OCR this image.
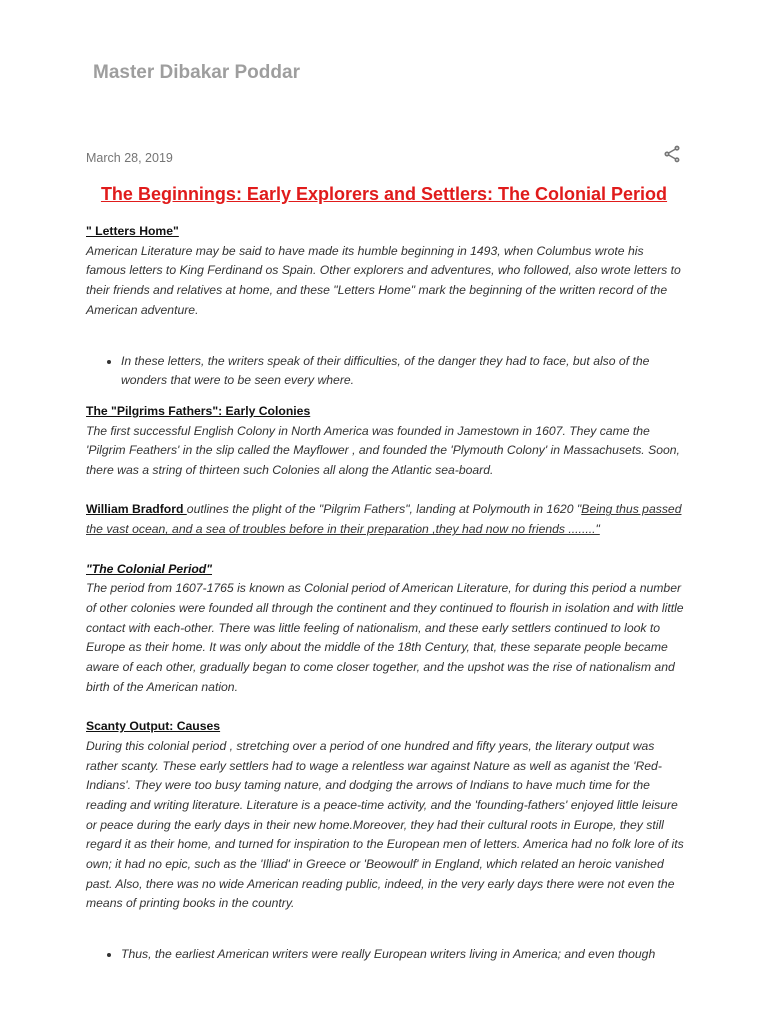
Master Dibakar Poddar
March 28, 2019
The Beginnings: Early Explorers and Settlers: The Colonial Period

" Letters Home"

American Literature may be said to have made its humble beginning in 1493, when Columbus wrote his famous letters to King Ferdinand os Spain. Other explorers and adventures, who followed, also wrote letters to their friends and relatives at home, and these "Letters Home" mark the beginning of the written record of the American adventure.

• In these letters, the writers speak of their difficulties, of the danger they had to face, but also of the wonders that were to be seen every where.

The "Pilgrims Fathers": Early Colonies

The first successful English Colony in North America was founded in Jamestown in 1607. They came the 'Pilgrim Feathers' in the slip called the Mayflower , and founded the 'Plymouth Colony' in Massachusets. Soon, there was a string of thirteen such Colonies all along the Atlantic sea-board.

William Bradford outlines the plight of the "Pilgrim Fathers", landing at Polymouth in 1620 "Being thus passed the vast ocean, and a sea of troubles before in their preparation ,they had now no friends ........"

"The Colonial Period"

The period from 1607-1765 is known as Colonial period of American Literature, for during this period a number of other colonies were founded all through the continent and they continued to flourish in isolation and with little contact with each-other. There was little feeling of nationalism, and these early settlers continued to look to Europe as their home. It was only about the middle of the 18th Century, that, these separate people became aware of each other, gradually began to come closer together, and the upshot was the rise of nationalism and birth of the American nation.

Scanty Output: Causes

During this colonial period , stretching over a period of one hundred and fifty years, the literary output was rather scanty. These early settlers had to wage a relentless war against Nature as well as aganist the 'Red-Indians'. They were too busy taming nature, and dodging the arrows of Indians to have much time for the reading and writing literature. Literature is a peace-time activity, and the 'founding-fathers' enjoyed little leisure or peace during the early days in their new home.Moreover, they had their cultural roots in Europe, they still regard it as their home, and turned for inspiration to the European men of letters. America had no folk lore of its own; it had no epic, such as the 'Illiad' in Greece or 'Beowoulf' in England, which related an heroic vanished past. Also, there was no wide American reading public, indeed, in the very early days there were not even the means of printing books in the country.

• Thus, the earliest American writers were really European writers living in America; and even though
